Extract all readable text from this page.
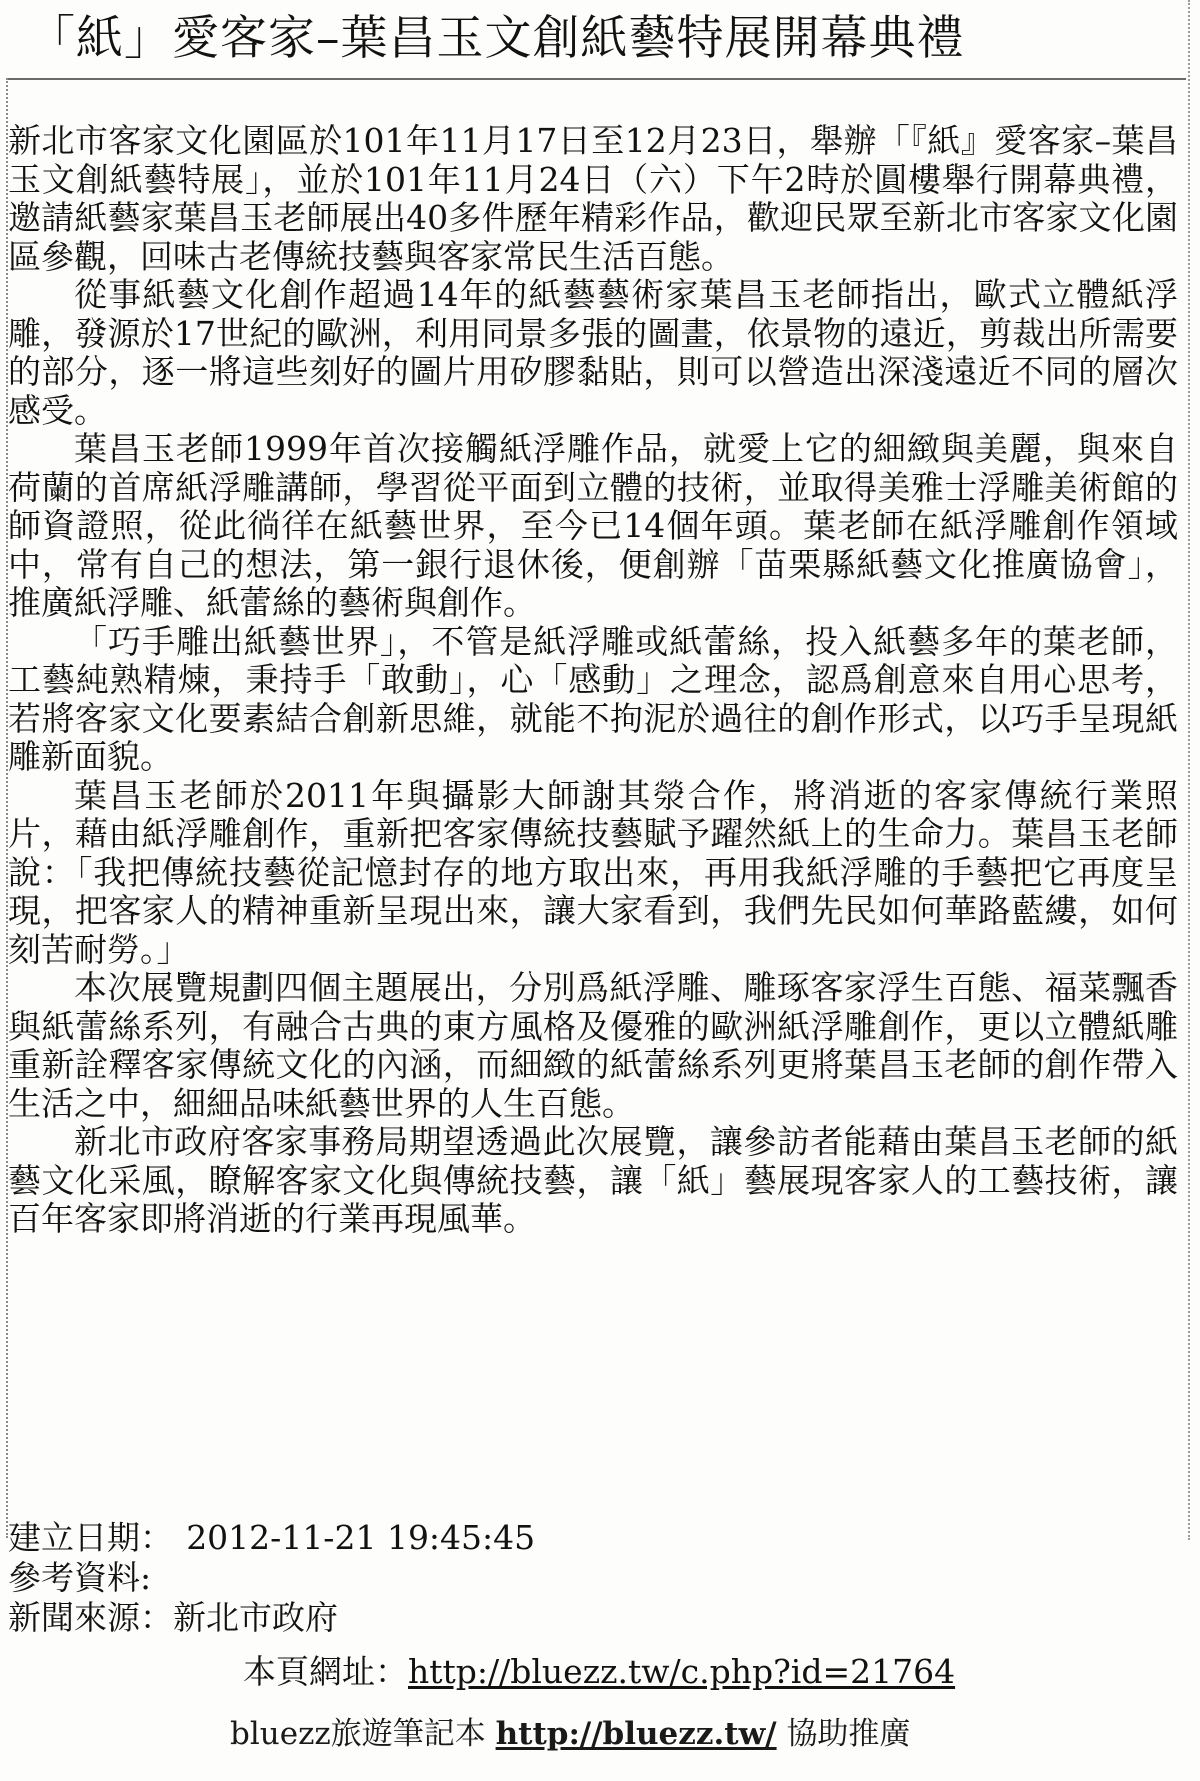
「紙」愛客家–葉昌玉文創紙藝特展開幕典禮

新北市客家文化園區於101年11月17日至12月23日，舉辦「『紙』愛客家–葉昌玉文創紙藝特展」，並於101年11月24日（六）下午2時於圓樓舉行開幕典禮，邀請紙藝家葉昌玉老師展出40多件歷年精彩作品，歡迎民眾至新北市客家文化園區參觀，回味古老傳統技藝與客家常民生活百態。

從事紙藝文化創作超過14年的紙藝藝術家葉昌玉老師指出，歐式立體紙浮雕，發源於17世紀的歐洲，利用同景多張的圖畫，依景物的遠近，剪裁出所需要的部分，逐一將這些刻好的圖片用矽膠黏貼，則可以營造出深淺遠近不同的層次感受。

葉昌玉老師1999年首次接觸紙浮雕作品，就愛上它的細緻與美麗，與來自荷蘭的首席紙浮雕講師，學習從平面到立體的技術，並取得美雅士浮雕美術館的師資證照，從此徜徉在紙藝世界，至今已14個年頭。葉老師在紙浮雕創作領域中，常有自己的想法，第一銀行退休後，便創辦「苗栗縣紙藝文化推廣協會」，推廣紙浮雕、紙蕾絲的藝術與創作。

「巧手雕出紙藝世界」，不管是紙浮雕或紙蕾絲，投入紙藝多年的葉老師，工藝純熟精煉，秉持手「敢動」，心「感動」之理念，認爲創意來自用心思考，若將客家文化要素結合創新思維，就能不拘泥於過往的創作形式，以巧手呈現紙雕新面貌。

葉昌玉老師於2011年與攝影大師謝其滎合作，將消逝的客家傳統行業照片，藉由紙浮雕創作，重新把客家傳統技藝賦予躍然紙上的生命力。葉昌玉老師說：「我把傳統技藝從記憶封存的地方取出來，再用我紙浮雕的手藝把它再度呈現，把客家人的精神重新呈現出來，讓大家看到，我們先民如何華路藍縷，如何刻苦耐勞。」

本次展覽規劃四個主題展出，分別爲紙浮雕、雕琢客家浮生百態、福菜飄香與紙蕾絲系列，有融合古典的東方風格及優雅的歐洲紙浮雕創作，更以立體紙雕重新詮釋客家傳統文化的內涵，而細緻的紙蕾絲系列更將葉昌玉老師的創作帶入生活之中，細細品味紙藝世界的人生百態。

新北市政府客家事務局期望透過此次展覽，讓參訪者能藉由葉昌玉老師的紙藝文化采風，瞭解客家文化與傳統技藝，讓「紙」藝展現客家人的工藝技術，讓百年客家即將消逝的行業再現風華。

建立日期： 2012-11-21 19:45:45
參考資料:
新聞來源：新北市政府
本頁網址：http://bluezz.tw/c.php?id=21764
bluezz旅遊筆記本 http://bluezz.tw/ 協助推廣
